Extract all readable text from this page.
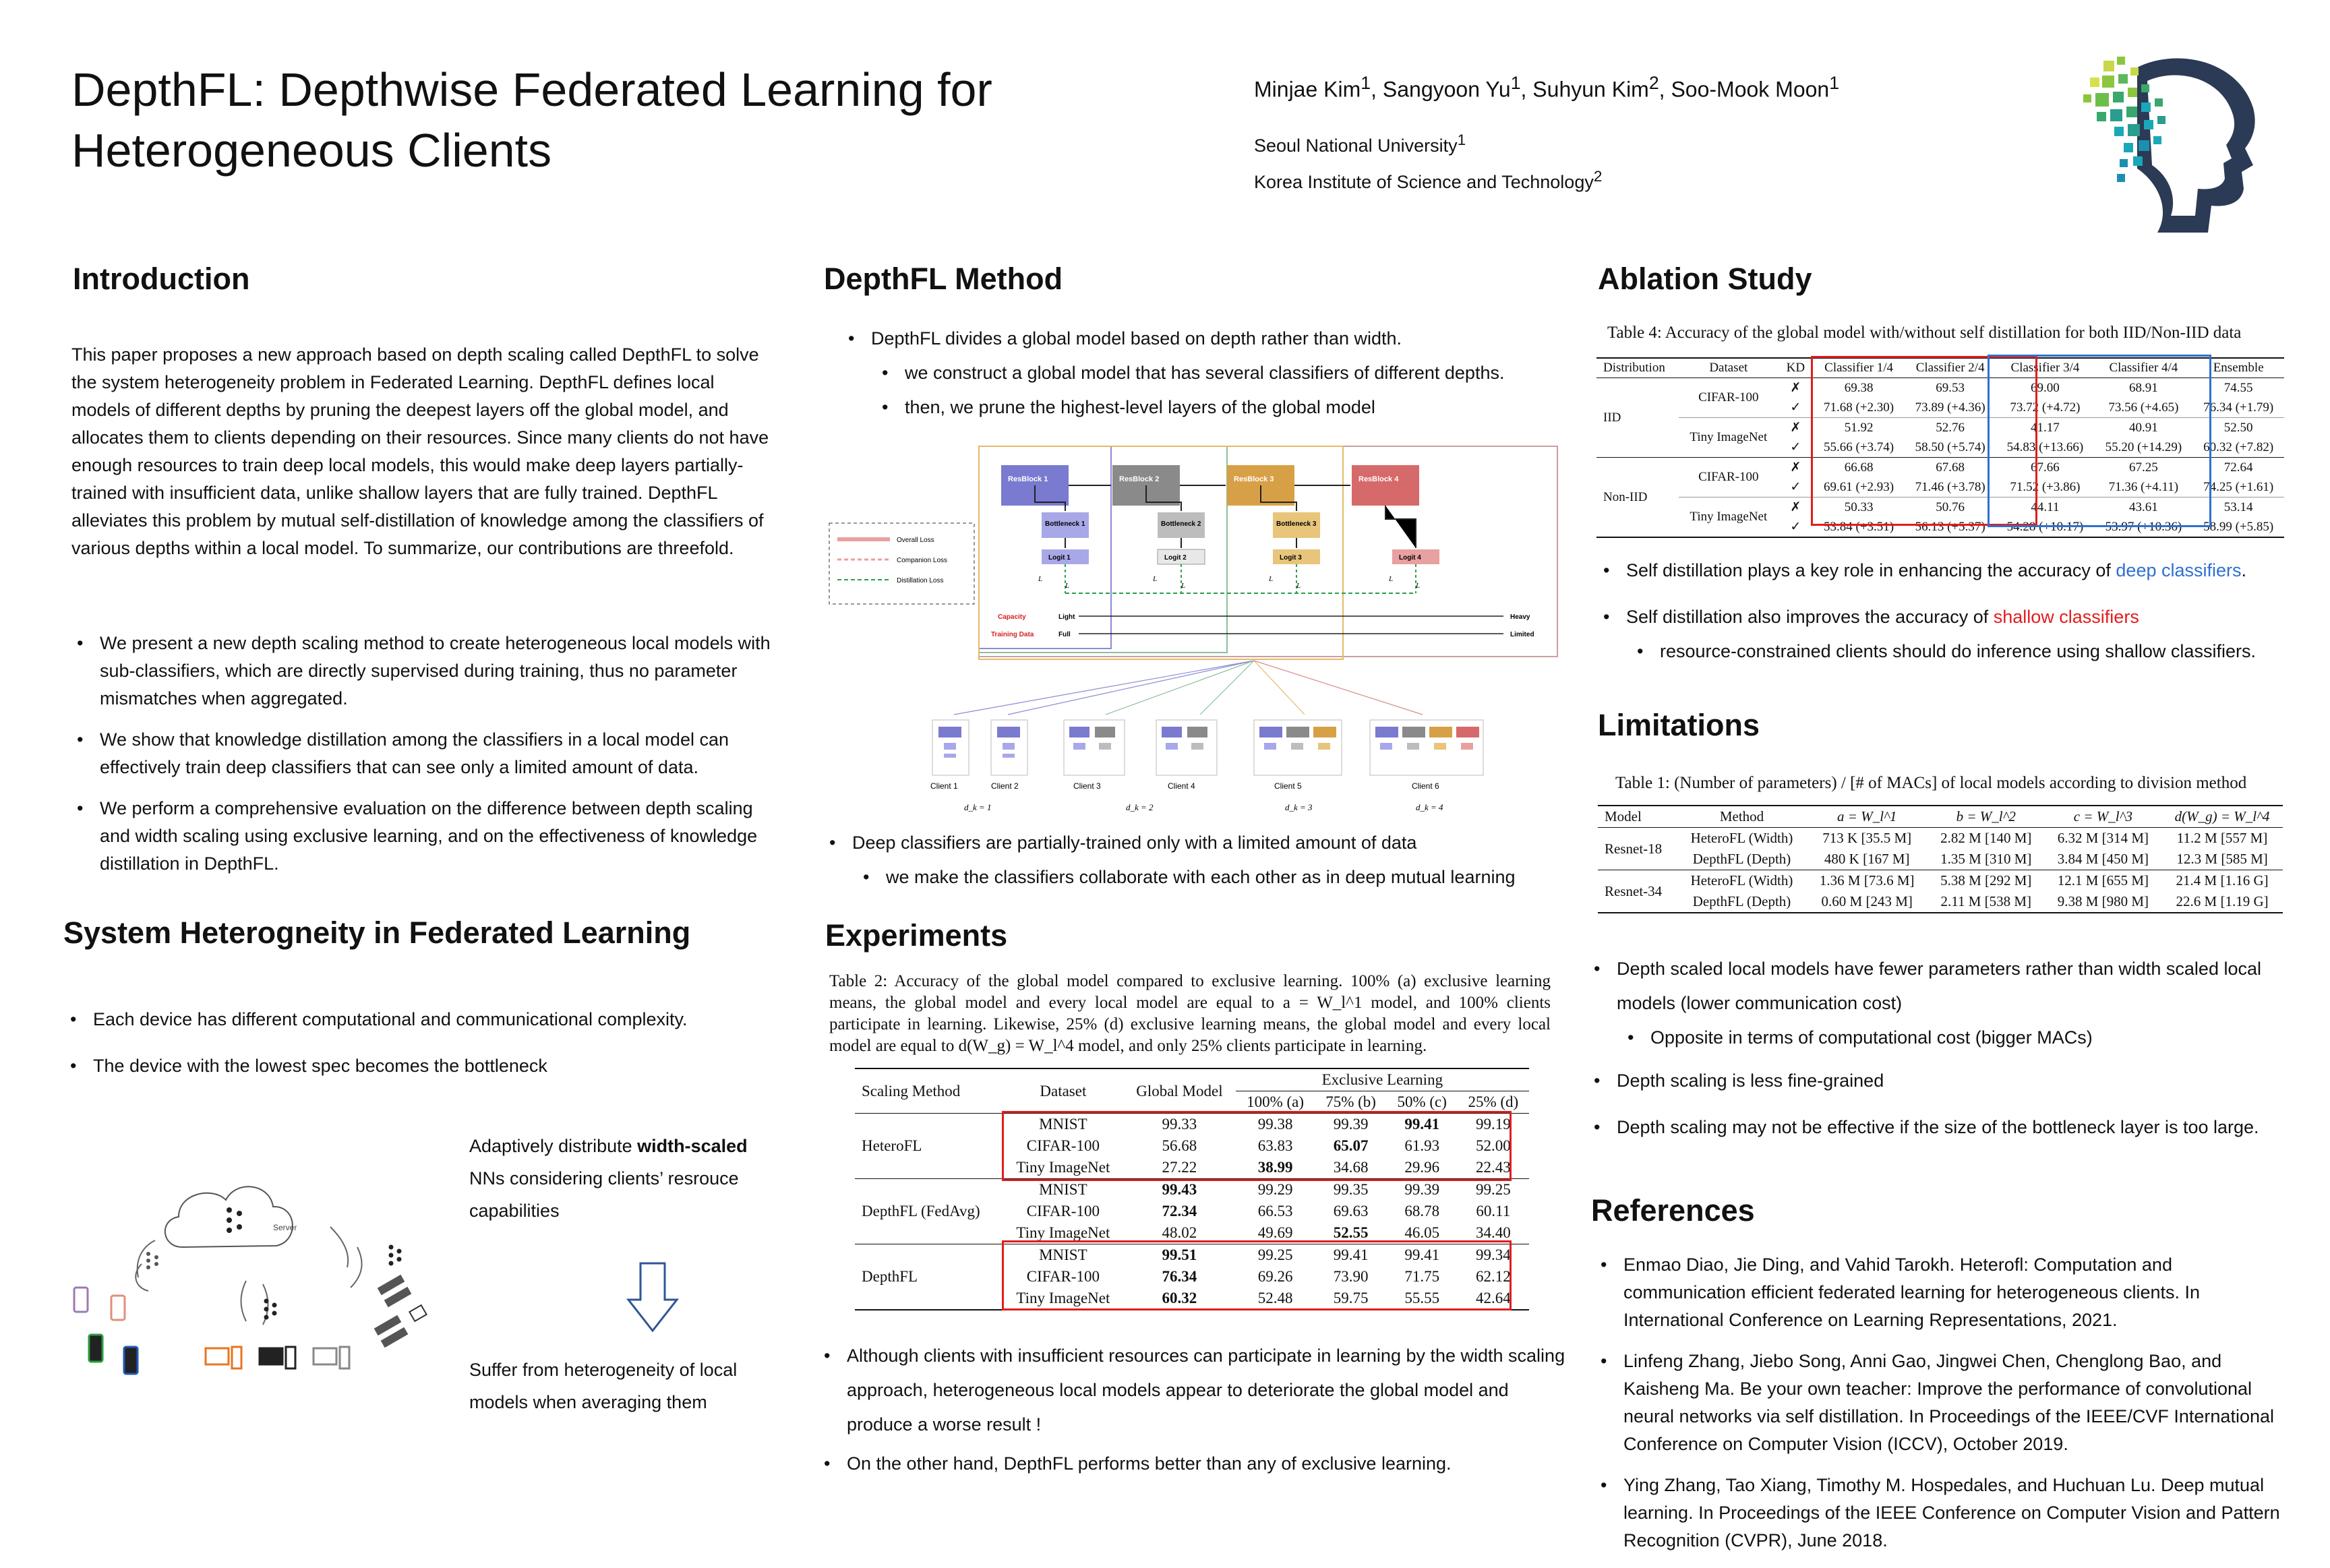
DepthFL: Depthwise Federated Learning for Heterogeneous Clients
Minjae Kim$^1$, Sangyoon Yu$^1$, Suhyun Kim$^2$, Soo-Mook Moon$^1$
Seoul National University$^1$
Korea Institute of Science and Technology$^2$
Introduction
This paper proposes a new approach based on depth scaling called DepthFL to solve the system heterogeneity problem in Federated Learning. DepthFL defines local models of different depths by pruning the deepest layers off the global model, and allocates them to clients depending on their resources. Since many clients do not have enough resources to train deep local models, this would make deep layers partially-trained with insufficient data, unlike shallow layers that are fully trained. DepthFL alleviates this problem by mutual self-distillation of knowledge among the classifiers of various depths within a local model. To summarize, our contributions are threefold.
• We present a new depth scaling method to create heterogeneous local models with sub-classifiers, which are directly supervised during training, thus no parameter mismatches when aggregated.
• We show that knowledge distillation among the classifiers in a local model can effectively train deep classifiers that can see only a limited amount of data.
• We perform a comprehensive evaluation on the difference between depth scaling and width scaling using exclusive learning, and on the effectiveness of knowledge distillation in DepthFL.
System Heterogneity in Federated Learning
• Each device has different computational and communicational complexity.
• The device with the lowest spec becomes the bottleneck
Server
Adaptively distribute width-scaled NNs considering clients’ resrouce capabilities
Suffer from heterogeneity of local models when averaging them
DepthFL Method
• DepthFL divides a global model based on depth rather than width.
• we construct a global model that has several classifiers of different depths.
• then, we prune the highest-level layers of the global model
Overall Loss
Companion Loss
Distillation Loss
ResBlock 1	ResBlock 2	ResBlock 3	ResBlock 4
Bottleneck 1	Bottleneck 2	Bottleneck 3
Logit 1	Logit 2	Logit 3	Logit 4
L	L	L	L
L	L	L	L
Capacity	Light	Heavy
Training Data	Full	Limited
Client 1	Client 2	Client 3	Client 4	Client 5	Client 6
d_k = 1	d_k = 2	d_k = 3	d_k = 4
• Deep classifiers are partially-trained only with a limited amount of data
• we make the classifiers collaborate with each other as in deep mutual learning
Experiments
Table 2: Accuracy of the global model compared to exclusive learning. 100% (a) exclusive learning means, the global model and every local model are equal to a = W_l^1 model, and 100% clients participate in learning. Likewise, 25% (d) exclusive learning means, the global model and every local model are equal to d(W_g) = W_l^4 model, and only 25% clients participate in learning.
Scaling Method	Dataset	Global Model	Exclusive Learning			
			100% (a)	75% (b)	50% (c)	25% (d)
HeteroFL	MNIST	99.33	99.38	99.39	99.41	99.19
	CIFAR-100	56.68	63.83	65.07	61.93	52.00
	Tiny ImageNet	27.22	38.99	34.68	29.96	22.43
DepthFL (FedAvg)	MNIST	99.43	99.29	99.35	99.39	99.25
	CIFAR-100	72.34	66.53	69.63	68.78	60.11
	Tiny ImageNet	48.02	49.69	52.55	46.05	34.40
DepthFL	MNIST	99.51	99.25	99.41	99.41	99.34
	CIFAR-100	76.34	69.26	73.90	71.75	62.12
	Tiny ImageNet	60.32	52.48	59.75	55.55	42.64
• Although clients with insufficient resources can participate in learning by the width scaling approach, heterogeneous local models appear to deteriorate the global model and produce a worse result !
• On the other hand, DepthFL performs better than any of exclusive learning.
Ablation Study
Table 4: Accuracy of the global model with/without self distillation for both IID/Non-IID data
Distribution	Dataset	KD	Classifier 1/4	Classifier 2/4	Classifier 3/4	Classifier 4/4	Ensemble
IID	CIFAR-100	✗	69.38	69.53	69.00	68.91	74.55
		✓	71.68 (+2.30)	73.89 (+4.36)	73.72 (+4.72)	73.56 (+4.65)	76.34 (+1.79)
	Tiny ImageNet	✗	51.92	52.76	41.17	40.91	52.50
		✓	55.66 (+3.74)	58.50 (+5.74)	54.83 (+13.66)	55.20 (+14.29)	60.32 (+7.82)
Non-IID	CIFAR-100	✗	66.68	67.68	67.66	67.25	72.64
		✓	69.61 (+2.93)	71.46 (+3.78)	71.52 (+3.86)	71.36 (+4.11)	74.25 (+1.61)
	Tiny ImageNet	✗	50.33	50.76	44.11	43.61	53.14
		✓	53.84 (+3.51)	56.13 (+5.37)	54.28 (+10.17)	53.97 (+10.36)	58.99 (+5.85)
• Self distillation plays a key role in enhancing the accuracy of deep classifiers.
• Self distillation also improves the accuracy of shallow classifiers
• resource-constrained clients should do inference using shallow classifiers.
Limitations
Table 1: (Number of parameters) / [# of MACs] of local models according to division method
Model	Method	a = W_l^1	b = W_l^2	c = W_l^3	d(W_g) = W_l^4
Resnet-18	HeteroFL (Width)	713 K [35.5 M]	2.82 M [140 M]	6.32 M [314 M]	11.2 M [557 M]
	DepthFL (Depth)	480 K [167 M]	1.35 M [310 M]	3.84 M [450 M]	12.3 M [585 M]
Resnet-34	HeteroFL (Width)	1.36 M [73.6 M]	5.38 M [292 M]	12.1 M [655 M]	21.4 M [1.16 G]
	DepthFL (Depth)	0.60 M [243 M]	2.11 M [538 M]	9.38 M [980 M]	22.6 M [1.19 G]
• Depth scaled local models have fewer parameters rather than width scaled local models (lower communication cost)
• Opposite in terms of computational cost (bigger MACs)
• Depth scaling is less fine-grained
• Depth scaling may not be effective if the size of the bottleneck layer is too large.
References
• Enmao Diao, Jie Ding, and Vahid Tarokh. Heterofl: Computation and communication efficient federated learning for heterogeneous clients. In International Conference on Learning Representations, 2021.
• Linfeng Zhang, Jiebo Song, Anni Gao, Jingwei Chen, Chenglong Bao, and Kaisheng Ma. Be your own teacher: Improve the performance of convolutional neural networks via self distillation. In Proceedings of the IEEE/CVF International Conference on Computer Vision (ICCV), October 2019.
• Ying Zhang, Tao Xiang, Timothy M. Hospedales, and Huchuan Lu. Deep mutual learning. In Proceedings of the IEEE Conference on Computer Vision and Pattern Recognition (CVPR), June 2018.
